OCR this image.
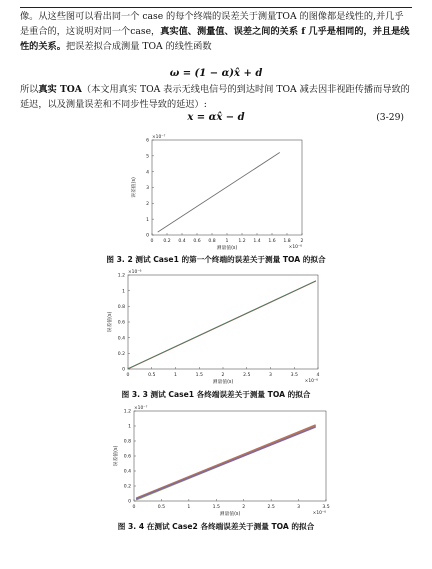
像。从这些图可以看出同一个 case 的每个终端的误差关于测量TOA 的图像都是线性的,并几乎是重合的，这说明对同一个case，真实值、测量值、误差之间的关系 f 几乎是相同的，并且是线性的关系。把误差拟合成测量 TOA 的线性函数

ω = (1 − α)x̂ + d

所以真实 TOA（本文用真实 TOA 表示无线电信号的到达时间 TOA 减去因非视距传播而导致的延迟，以及测量误差和不同步性导致的延迟）:

x = αx̂ − d	(3-29)
0 0.2 0.4 0.6 0.8 1 1.2 1.4 1.6 1.8 2
0
1
2
3
4
5
6
×10⁻⁷
×10⁻⁶
测量值(s)
误差值(s)
图 3. 2 测试 Case1 的第一个终端的误差关于测量 TOA 的拟合
0	0.5	1	1.5	2	2.5	3	3.5	4
0
0.2
0.4
0.6
0.8
1
1.2
×10⁻⁶
×10⁻⁶
测量值(s)
误差值(s)
图 3. 3 测试 Case1 各终端误差关于测量 TOA 的拟合
0	0.5	1	1.5	2	2.5	3	3.5
0
0.2
0.4
0.6
0.8
1
1.2
×10⁻⁷
×10⁻⁶
测量值(s)
误差值(s)
图 3. 4 在测试 Case2 各终端误差关于测量 TOA 的拟合
